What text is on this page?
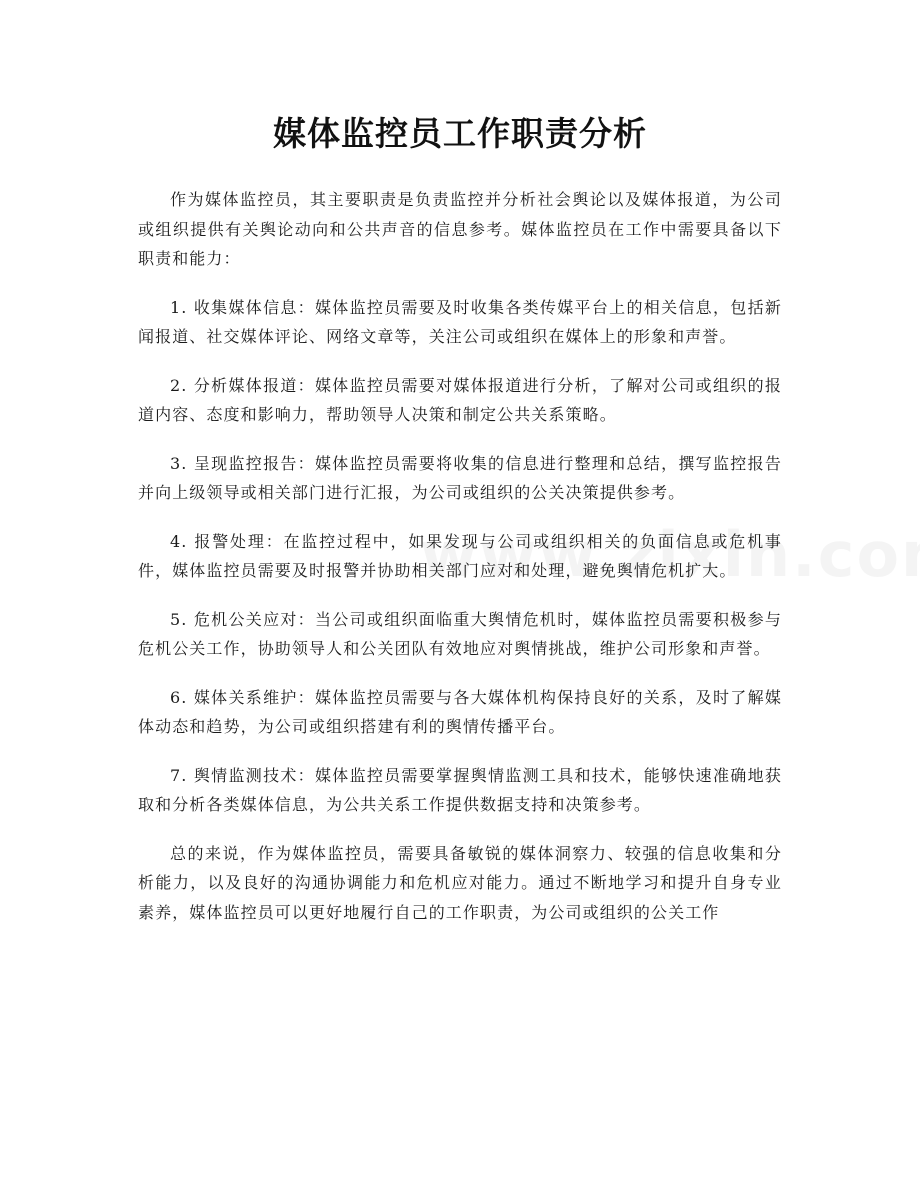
媒体监控员工作职责分析

作为媒体监控员，其主要职责是负责监控并分析社会舆论以及媒体报道，为公司或组织提供有关舆论动向和公共声音的信息参考。媒体监控员在工作中需要具备以下职责和能力：

1. 收集媒体信息：媒体监控员需要及时收集各类传媒平台上的相关信息，包括新闻报道、社交媒体评论、网络文章等，关注公司或组织在媒体上的形象和声誉。

2. 分析媒体报道：媒体监控员需要对媒体报道进行分析，了解对公司或组织的报道内容、态度和影响力，帮助领导人决策和制定公共关系策略。

3. 呈现监控报告：媒体监控员需要将收集的信息进行整理和总结，撰写监控报告并向上级领导或相关部门进行汇报，为公司或组织的公关决策提供参考。

4. 报警处理：在监控过程中，如果发现与公司或组织相关的负面信息或危机事件，媒体监控员需要及时报警并协助相关部门应对和处理，避免舆情危机扩大。

5. 危机公关应对：当公司或组织面临重大舆情危机时，媒体监控员需要积极参与危机公关工作，协助领导人和公关团队有效地应对舆情挑战，维护公司形象和声誉。

6. 媒体关系维护：媒体监控员需要与各大媒体机构保持良好的关系，及时了解媒体动态和趋势，为公司或组织搭建有利的舆情传播平台。

7. 舆情监测技术：媒体监控员需要掌握舆情监测工具和技术，能够快速准确地获取和分析各类媒体信息，为公共关系工作提供数据支持和决策参考。

总的来说，作为媒体监控员，需要具备敏锐的媒体洞察力、较强的信息收集和分析能力，以及良好的沟通协调能力和危机应对能力。通过不断地学习和提升自身专业素养，媒体监控员可以更好地履行自己的工作职责，为公司或组织的公关工作
